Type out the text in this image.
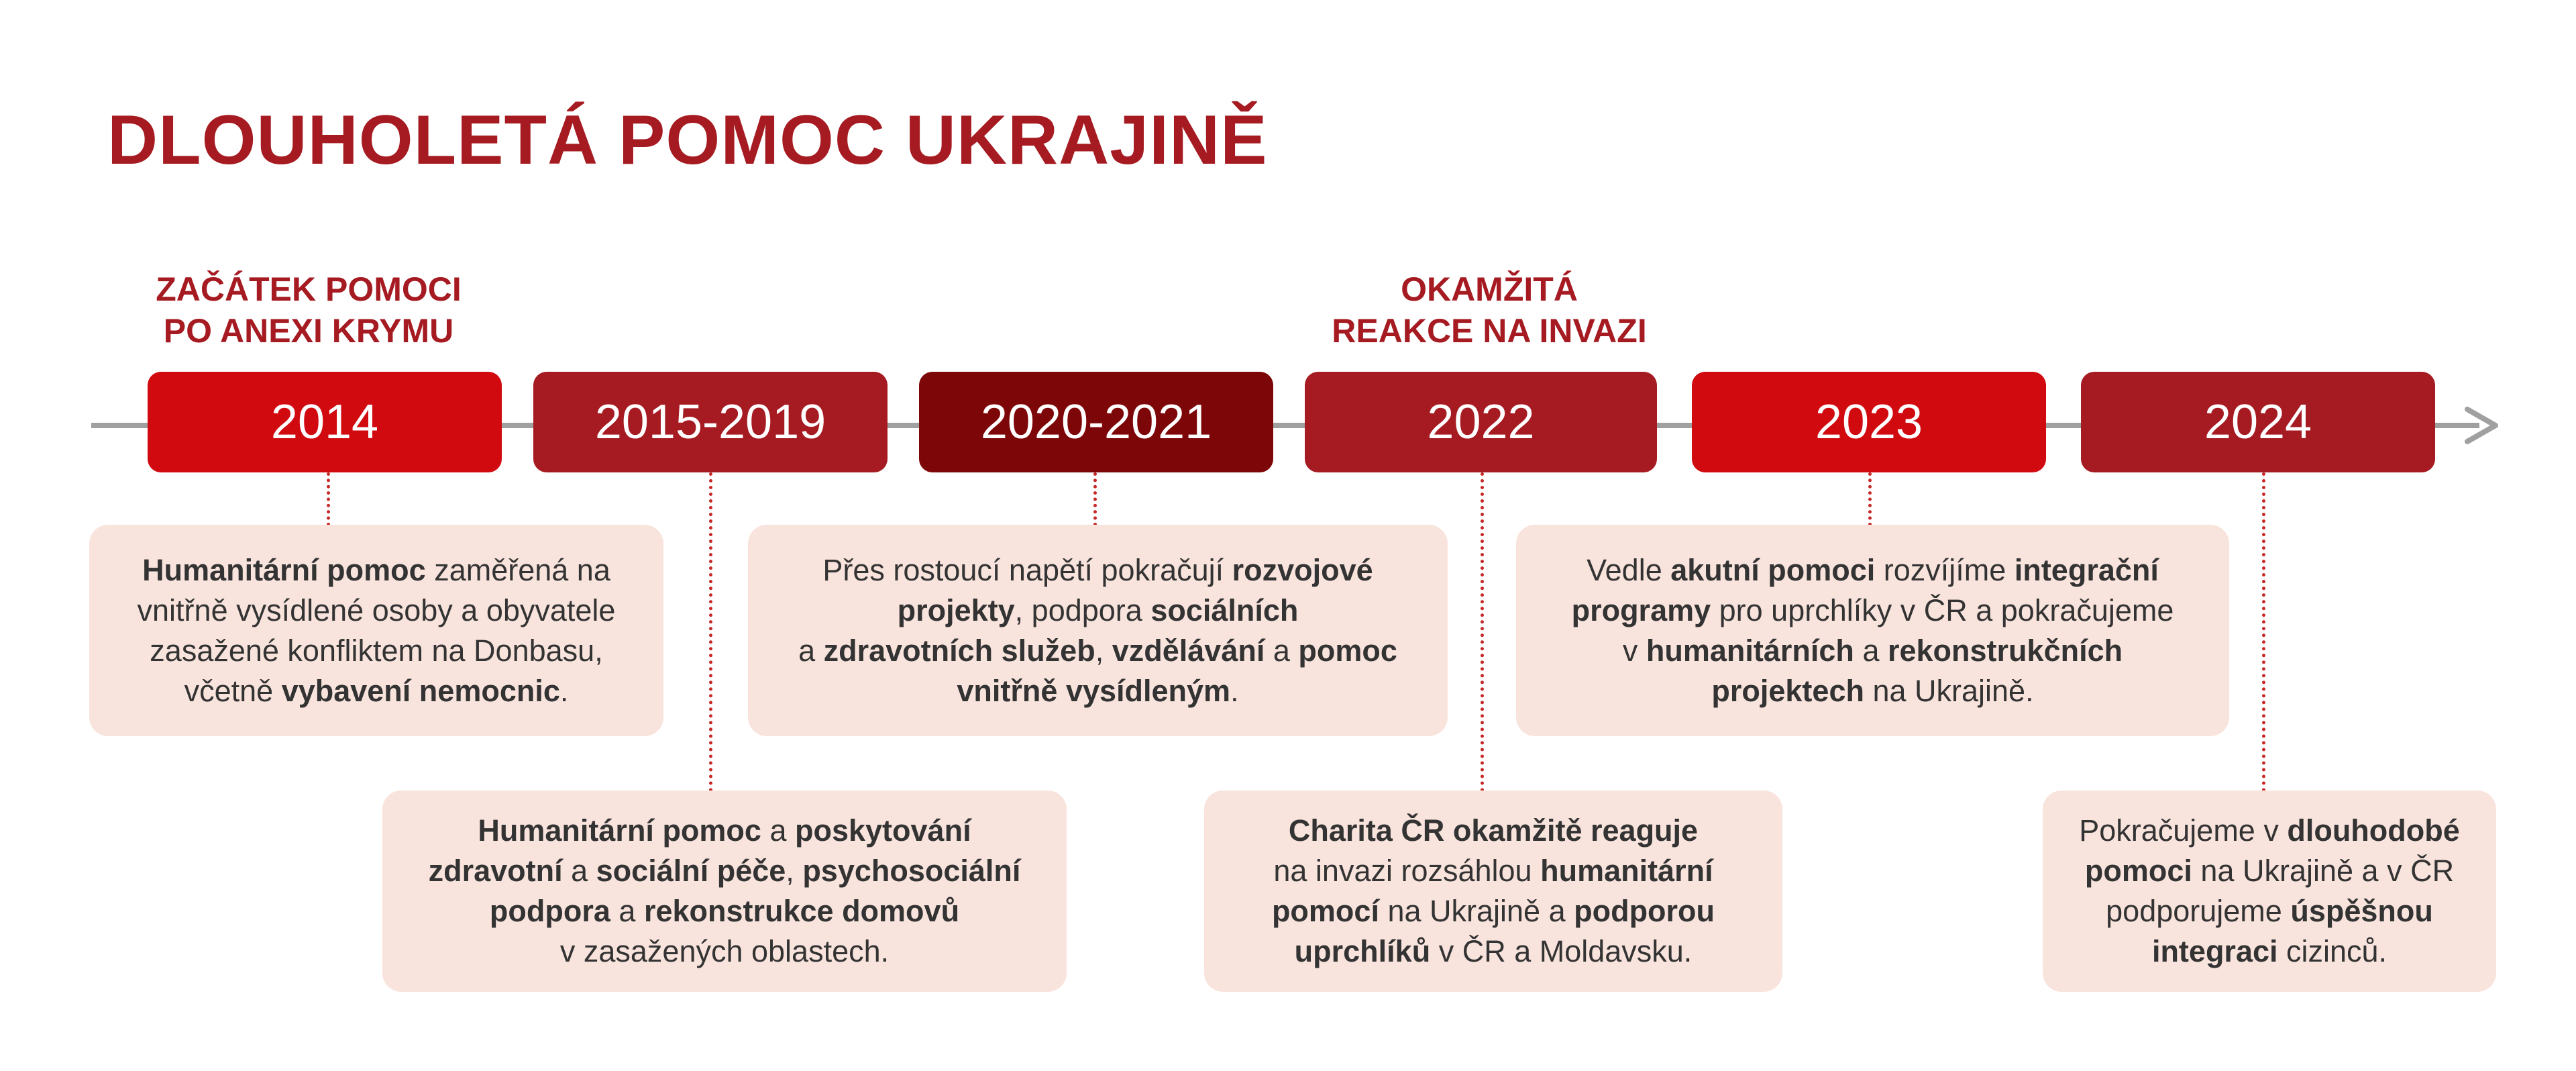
DLOUHOLETÁ POMOC UKRAJINĚ
ZAČÁTEK POMOCI
PO ANEXI KRYMU
OKAMŽITÁ
REAKCE NA INVAZI
2014	2015-2019	2020-2021	2022	2023	2024
Humanitární pomoc zaměřená na
vnitřně vysídlené osoby a obyvatele
zasažené konfliktem na Donbasu,
včetně vybavení nemocnic.
Humanitární pomoc a poskytování
zdravotní a sociální péče, psychosociální
podpora a rekonstrukce domovů
v zasažených oblastech.
Přes rostoucí napětí pokračují rozvojové
projekty, podpora sociálních
a zdravotních služeb, vzdělávání a pomoc
vnitřně vysídleným.
Charita ČR okamžitě reaguje
na invazi rozsáhlou humanitární
pomocí na Ukrajině a podporou
uprchlíků v ČR a Moldavsku.
Vedle akutní pomoci rozvíjíme integrační
programy pro uprchlíky v ČR a pokračujeme
v humanitárních a rekonstrukčních
projektech na Ukrajině.
Pokračujeme v dlouhodobé
pomoci na Ukrajině a v ČR
podporujeme úspěšnou
integraci cizinců.
